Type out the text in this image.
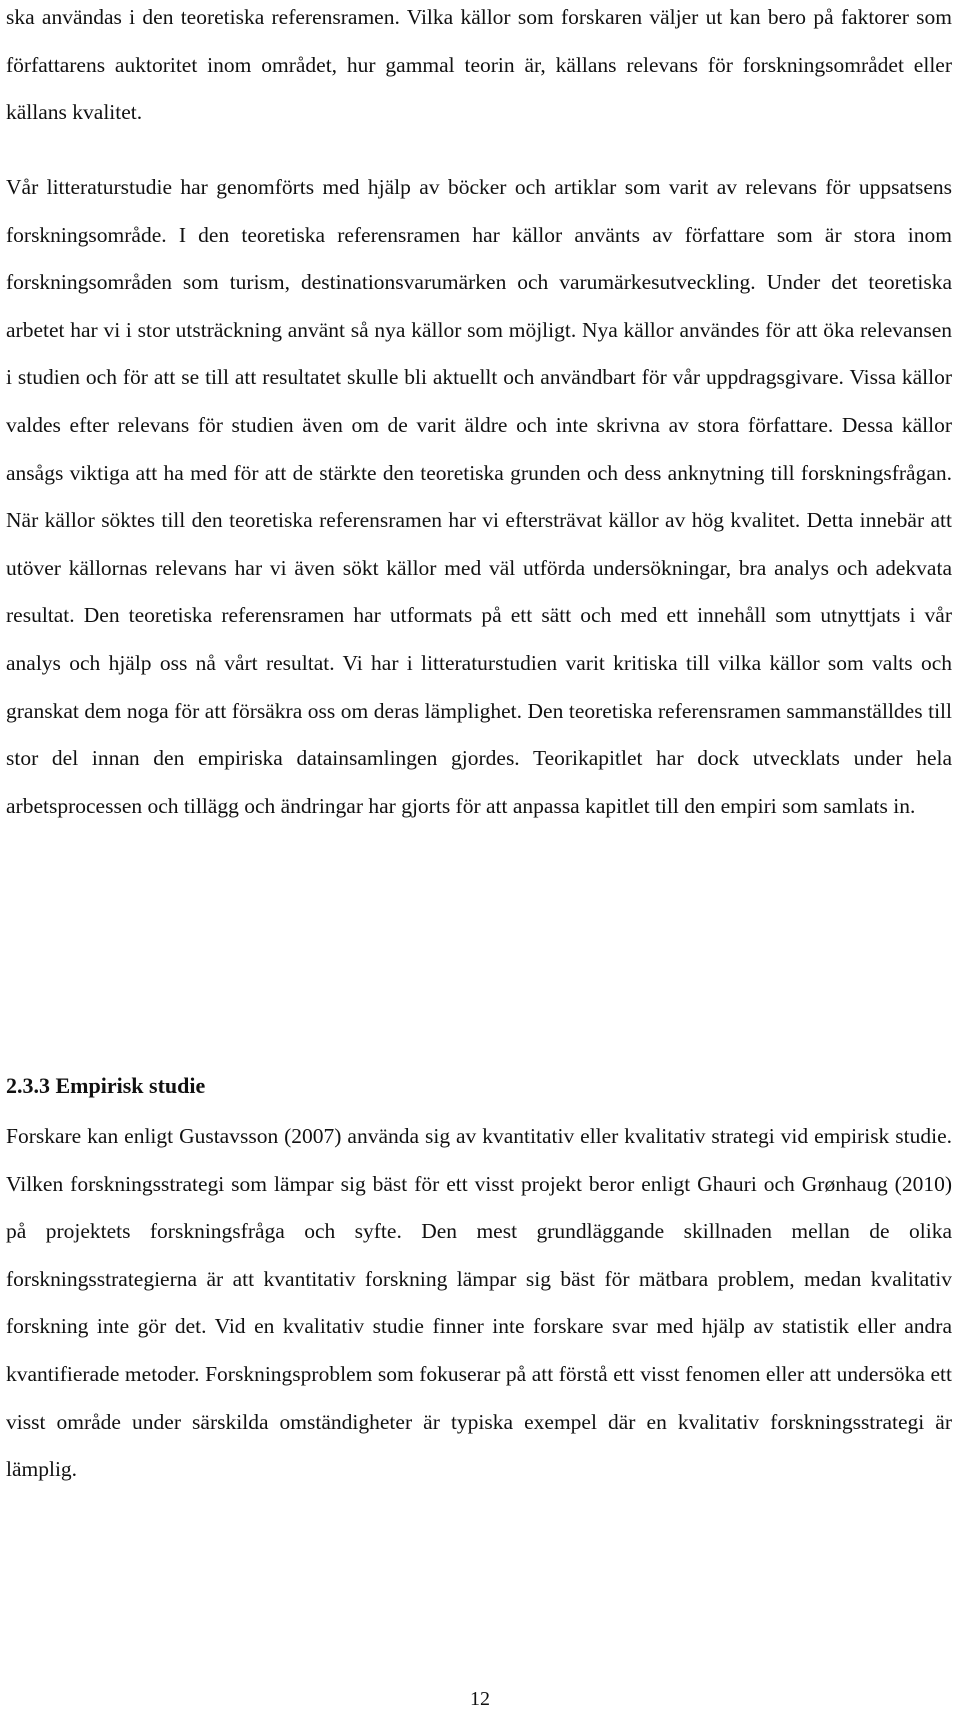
ska användas i den teoretiska referensramen. Vilka källor som forskaren väljer ut kan bero på faktorer som författarens auktoritet inom området, hur gammal teorin är, källans relevans för forskningsområdet eller källans kvalitet.

Vår litteraturstudie har genomförts med hjälp av böcker och artiklar som varit av relevans för uppsatsens forskningsområde. I den teoretiska referensramen har källor använts av författare som är stora inom forskningsområden som turism, destinationsvarumärken och varumärkesutveckling. Under det teoretiska arbetet har vi i stor utsträckning använt så nya källor som möjligt. Nya källor användes för att öka relevansen i studien och för att se till att resultatet skulle bli aktuellt och användbart för vår uppdragsgivare. Vissa källor valdes efter relevans för studien även om de varit äldre och inte skrivna av stora författare. Dessa källor ansågs viktiga att ha med för att de stärkte den teoretiska grunden och dess anknytning till forskningsfrågan. När källor söktes till den teoretiska referensramen har vi eftersträvat källor av hög kvalitet. Detta innebär att utöver källornas relevans har vi även sökt källor med väl utförda undersökningar, bra analys och adekvata resultat. Den teoretiska referensramen har utformats på ett sätt och med ett innehåll som utnyttjats i vår analys och hjälp oss nå vårt resultat. Vi har i litteraturstudien varit kritiska till vilka källor som valts och granskat dem noga för att försäkra oss om deras lämplighet. Den teoretiska referensramen sammanställdes till stor del innan den empiriska datainsamlingen gjordes. Teorikapitlet har dock utvecklats under hela arbetsprocessen och tillägg och ändringar har gjorts för att anpassa kapitlet till den empiri som samlats in.

2.3.3 Empirisk studie

Forskare kan enligt Gustavsson (2007) använda sig av kvantitativ eller kvalitativ strategi vid empirisk studie. Vilken forskningsstrategi som lämpar sig bäst för ett visst projekt beror enligt Ghauri och Grønhaug (2010) på projektets forskningsfråga och syfte. Den mest grundläggande skillnaden mellan de olika forskningsstrategierna är att kvantitativ forskning lämpar sig bäst för mätbara problem, medan kvalitativ forskning inte gör det. Vid en kvalitativ studie finner inte forskare svar med hjälp av statistik eller andra kvantifierade metoder. Forskningsproblem som fokuserar på att förstå ett visst fenomen eller att undersöka ett visst område under särskilda omständigheter är typiska exempel där en kvalitativ forskningsstrategi är lämplig.

12
